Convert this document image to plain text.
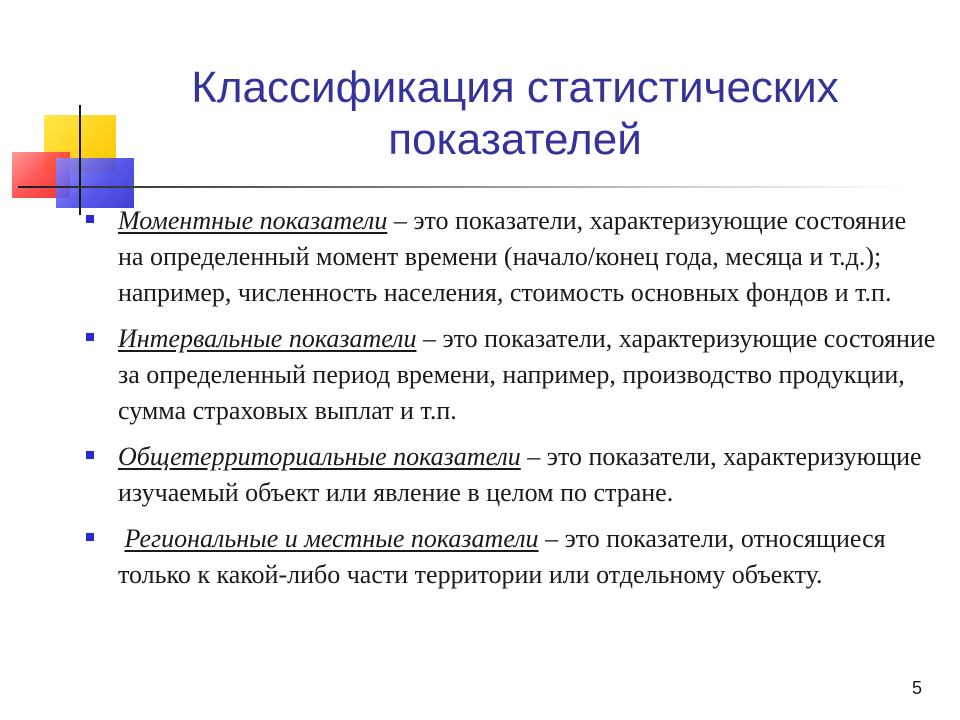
Классификация статистических показателей
Моментные показатели – это показатели, характеризующие состояние на определенный момент времени (начало/конец года, месяца и т.д.); например, численность населения, стоимость основных фондов и т.п.
Интервальные показатели – это показатели, характеризующие состояние за определенный период времени, например, производство продукции, сумма страховых выплат и т.п.
Общетерриториальные показатели – это показатели, характеризующие изучаемый объект или явление в целом по стране.
Региональные и местные показатели – это показатели, относящиеся только к какой-либо части территории или отдельному объекту.
5
